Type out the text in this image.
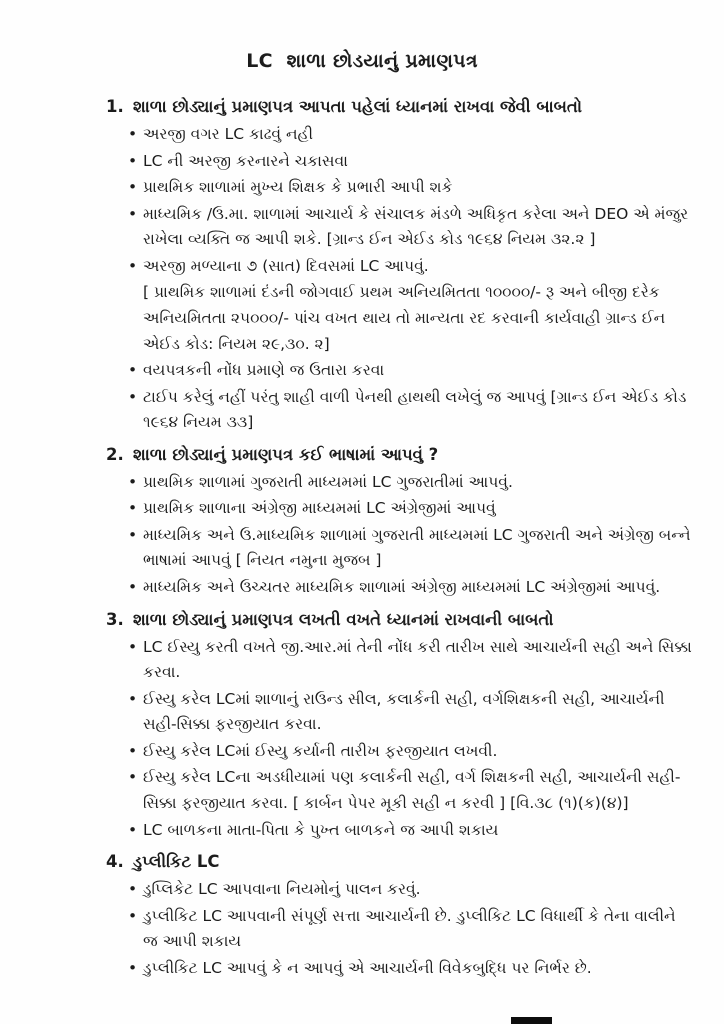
LC  શાળા છોડયાનું પ્રમાણપત્ર
1. શાળા છોડ્યાનું પ્રમાણપત્ર આપતા પહેલાં ધ્યાનમાં રાખવા જેવી બાબતો
•
અરજી વગર LC કાઢવું નહી
•
LC ની અરજી કરનારને ચકાસવા
•
પ્રાથમિક શાળામાં મુખ્ય શિક્ષક કે પ્રભારી આપી શકે
•
માધ્યમિક /ઉ.મા. શાળામાં આચાર્ય કે સંચાલક મંડળે અધિકૃત કરેલા અને DEO એ મંજુર રાખેલા વ્યક્તિ જ આપી શકે. [ગ્રાન્ડ ઈન એઈડ કોડ ૧૯૬૪ નિયમ ૩૨.૨ ]
•
અરજી મળ્યાના ૭ (સાત) દિવસમાં LC આપવું.
[ પ્રાથમિક શાળામાં દંડની જોગવાઈ પ્રથમ અનિયમિતતા ૧૦૦૦૦/- રૂ અને બીજી દરેક અનિયમિતતા ૨૫૦૦૦/- પાંચ વખત થાય તો માન્યતા રદ કરવાની કાર્યવાહી ગ્રાન્ડ ઈન એઈડ કોડ: નિયમ ૨૯,૩૦. ૨]
•
વયપત્રકની નોંધ પ્રમાણે જ ઉતારા કરવા
•
ટાઈપ કરેલું નહીં પરંતુ શાહી વાળી પેનથી હાથથી લખેલું જ આપવું [ગ્રાન્ડ ઈન એઈડ કોડ ૧૯૬૪ નિયમ ૩૩]
2. શાળા છોડ્યાનું પ્રમાણપત્ર કઈ ભાષામાં આપવું ?
•
પ્રાથમિક શાળામાં ગુજરાતી માધ્યમમાં LC ગુજરાતીમાં આપવું.
•
પ્રાથમિક શાળાના અંગ્રેજી માધ્યમમાં LC અંગ્રેજીમાં આપવું
•
માધ્યમિક અને ઉ.માધ્યમિક શાળામાં ગુજરાતી માધ્યમમાં LC ગુજરાતી અને અંગ્રેજી બન્ને ભાષામાં આપવું [ નિયત નમુના મુજબ ]
•
માધ્યમિક અને ઉચ્ચતર માધ્યમિક શાળામાં અંગ્રેજી માધ્યમમાં LC અંગ્રેજીમાં આપવું.
3. શાળા છોડ્યાનું પ્રમાણપત્ર લખતી વખતે ધ્યાનમાં રાખવાની બાબતો
•
LC ઈસ્યુ કરતી વખતે જી.આર.માં તેની નોંધ કરી તારીખ સાથે આચાર્યની સહી અને સિક્કા કરવા.
•
ઈસ્યુ કરેલ LCમાં શાળાનું રાઉન્ડ સીલ, કલાર્કની સહી, વર્ગશિક્ષકની સહી, આચાર્યની સહી-સિક્કા ફરજીયાત કરવા.
•
ઈસ્યુ કરેલ LCમાં ઈસ્યુ કર્યાની તારીખ ફરજીયાત લખવી.
•
ઈસ્યુ કરેલ LCના અડધીયામાં પણ કલાર્કની સહી, વર્ગ શિક્ષકની સહી, આચાર્યની સહી-સિક્કા ફરજીયાત કરવા. [ કાર્બન પેપર મૂકી સહી ન કરવી ] [વિ.૩૮ (૧)(ક)(૪)]
•
LC બાળકના માતા-પિતા કે પુખ્ત બાળકને જ આપી શકાય
4. ડુપ્લીકિટ LC
•
ડુપ્લિકેટ LC આપવાના નિયમોનું પાલન કરવું.
•
ડુપ્લીકિટ LC આપવાની સંપૂર્ણ સત્તા આચાર્યની છે. ડુપ્લીકિટ LC વિધાર્થી કે તેના વાલીને જ આપી શકાય
•
ડુપ્લીકિટ LC આપવું કે ન આપવું એ આચાર્યની વિવેકબુદ્ધિ પર નિર્ભર છે.
